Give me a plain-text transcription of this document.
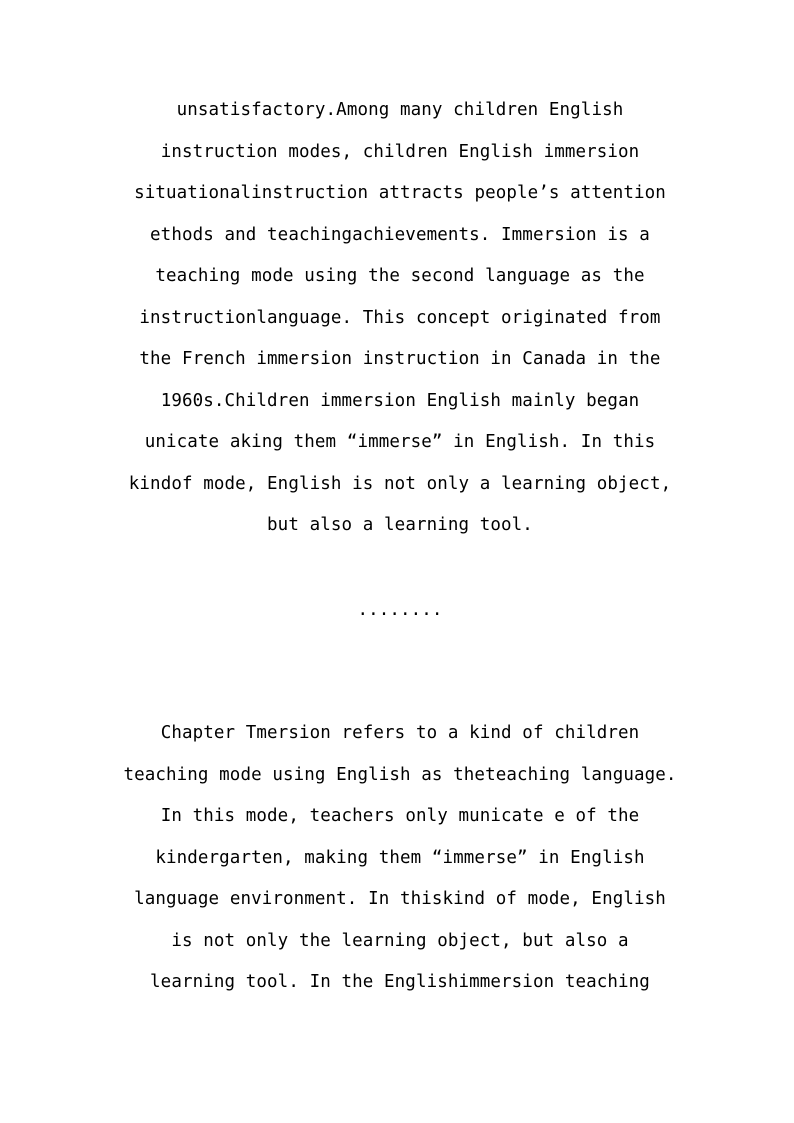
unsatisfactory.Among many children English
instruction modes, children English immersion
situationalinstruction attracts people’s attention
ethods and teachingachievements. Immersion is a
teaching mode using the second language as the
instructionlanguage. This concept originated from
the French immersion instruction in Canada in the
1960s.Children immersion English mainly began
unicate aking them “immerse” in English. In this
kindof mode, English is not only a learning object,
but also a learning tool.
........
Chapter Tmersion refers to a kind of children
teaching mode using English as theteaching language.
In this mode, teachers only municate e of the
kindergarten, making them “immerse” in English
language environment. In thiskind of mode, English
is not only the learning object, but also a
learning tool. In the Englishimmersion teaching
